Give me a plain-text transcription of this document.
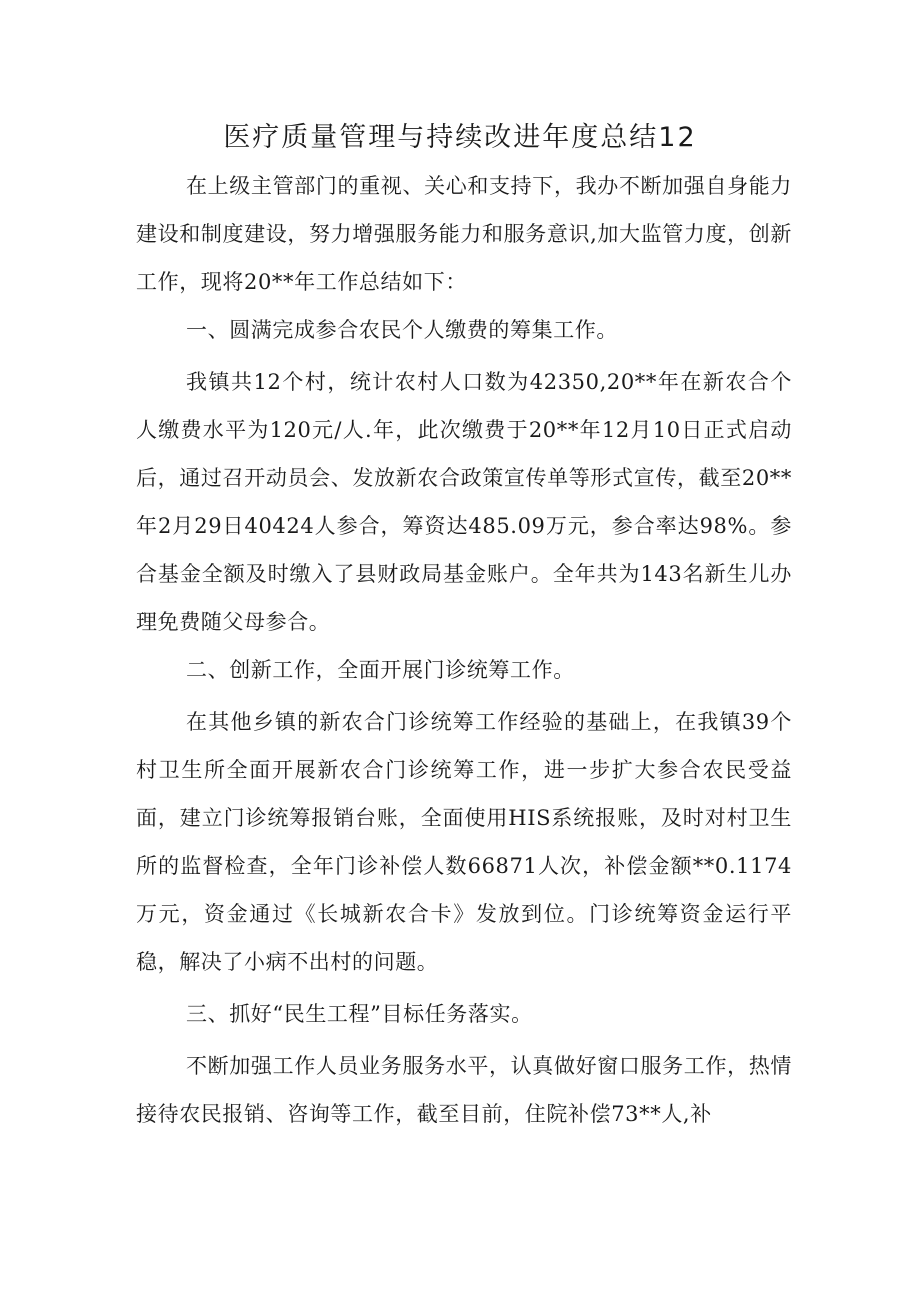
医疗质量管理与持续改进年度总结12

在上级主管部门的重视、关心和支持下，我办不断加强自身能力建设和制度建设，努力增强服务能力和服务意识,加大监管力度，创新工作，现将20**年工作总结如下：

一、圆满完成参合农民个人缴费的筹集工作。

我镇共12个村，统计农村人口数为42350,20**年在新农合个人缴费水平为120元/人.年，此次缴费于20**年12月10日正式启动后，通过召开动员会、发放新农合政策宣传单等形式宣传，截至20**年2月29日40424人参合，筹资达485.09万元，参合率达98%。参合基金全额及时缴入了县财政局基金账户。全年共为143名新生儿办理免费随父母参合。

二、创新工作，全面开展门诊统筹工作。

在其他乡镇的新农合门诊统筹工作经验的基础上，在我镇39个村卫生所全面开展新农合门诊统筹工作，进一步扩大参合农民受益面，建立门诊统筹报销台账，全面使用HIS系统报账，及时对村卫生所的监督检查，全年门诊补偿人数66871人次，补偿金额**0.1174万元，资金通过《长城新农合卡》发放到位。门诊统筹资金运行平稳，解决了小病不出村的问题。

三、抓好“民生工程”目标任务落实。

不断加强工作人员业务服务水平，认真做好窗口服务工作，热情接待农民报销、咨询等工作，截至目前，住院补偿73**人,补
